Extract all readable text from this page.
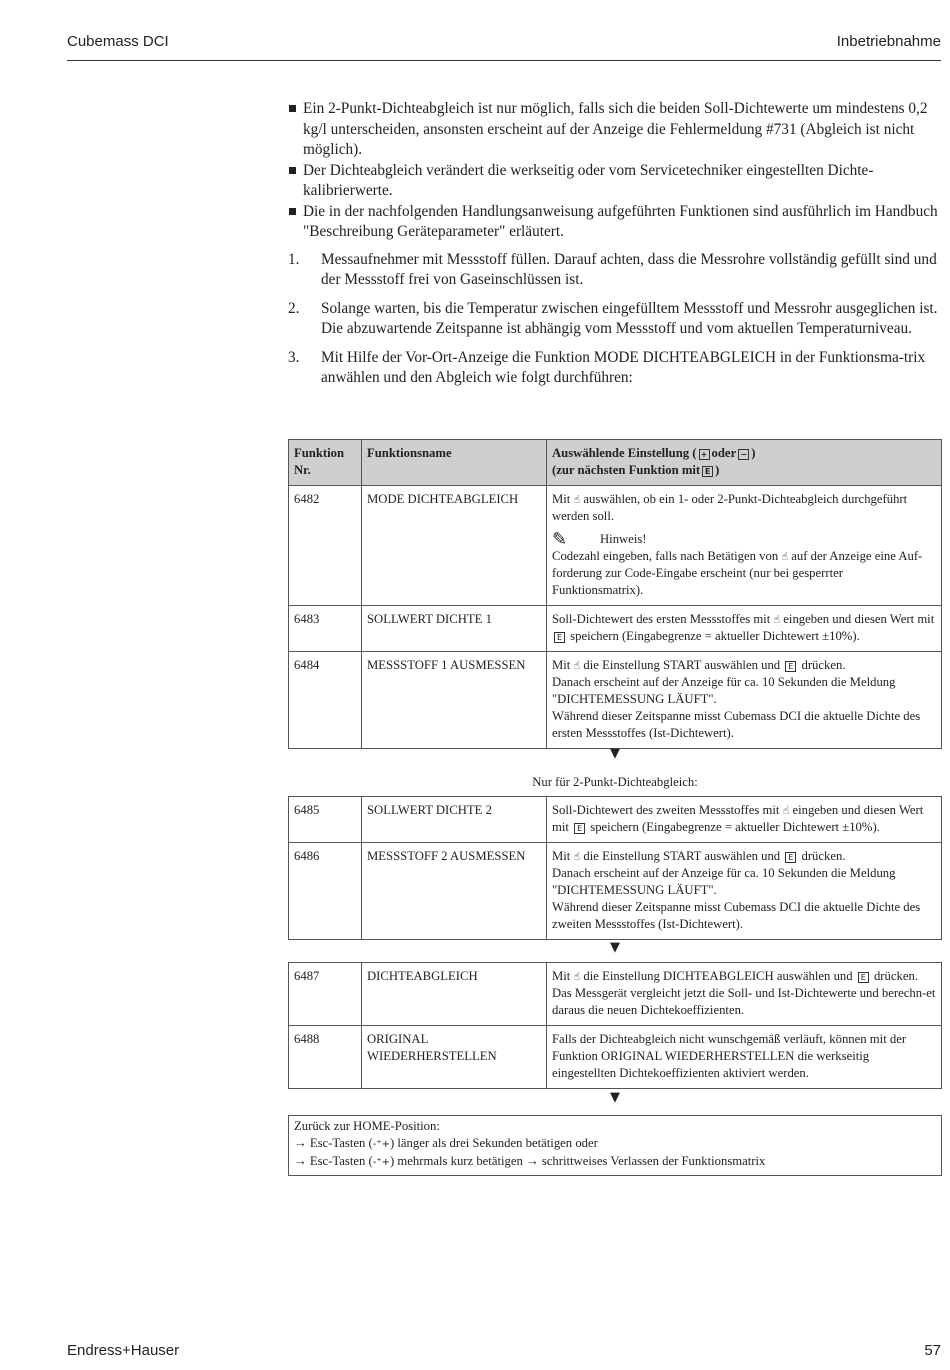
Cubemass DCI	Inbetriebnahme
Ein 2-Punkt-Dichteabgleich ist nur möglich, falls sich die beiden Soll-Dichtewerte um mindestens 0,2 kg/l unterscheiden, ansonsten erscheint auf der Anzeige die Fehlermeldung #731 (Abgleich ist nicht möglich).
Der Dichteabgleich verändert die werkseitig oder vom Servicetechniker eingestellten Dichte-kalibrierwerte.
Die in der nachfolgenden Handlungsanweisung aufgeführten Funktionen sind ausführlich im Handbuch "Beschreibung Geräteparameter" erläutert.
1.	Messaufnehmer mit Messstoff füllen. Darauf achten, dass die Messrohre vollständig gefüllt sind und der Messstoff frei von Gaseinschlüssen ist.
2.	Solange warten, bis die Temperatur zwischen eingefülltem Messstoff und Messrohr ausgeglichen ist. Die abzuwartende Zeitspanne ist abhängig vom Messstoff und vom aktuellen Temperaturniveau.
3.	Mit Hilfe der Vor-Ort-Anzeige die Funktion MODE DICHTEABGLEICH in der Funktionsma-trix anwählen und den Abgleich wie folgt durchführen:
Funktion Nr.	Funktionsname	Auswählende Einstellung ( + oder − )
(zur nächsten Funktion mit E )
6482	MODE DICHTEABGLEICH	Mit ☝ auswählen, ob ein 1- oder 2-Punkt-Dichteabgleich durchgeführt werden soll.
✎ Hinweis!
Codezahl eingeben, falls nach Betätigen von ☝ auf der Anzeige eine Auf-forderung zur Code-Eingabe erscheint (nur bei gesperrter Funktionsmatrix).
6483	SOLLWERT DICHTE 1	Soll-Dichtewert des ersten Messstoffes mit ☝ eingeben und diesen Wert mit E speichern (Eingabegrenze = aktueller Dichtewert ±10%).
6484	MESSSTOFF 1 AUSMESSEN	Mit ☝ die Einstellung START auswählen und E drücken.
Danach erscheint auf der Anzeige für ca. 10 Sekunden die Meldung "DICHTEMESSUNG LÄUFT".
Während dieser Zeitspanne misst Cubemass DCI die aktuelle Dichte des ersten Messstoffes (Ist-Dichtewert).
▼
Nur für 2-Punkt-Dichteabgleich:
6485	SOLLWERT DICHTE 2	Soll-Dichtewert des zweiten Messstoffes mit ☝ eingeben und diesen Wert mit E speichern (Eingabegrenze = aktueller Dichtewert ±10%).
6486	MESSSTOFF 2 AUSMESSEN	Mit ☝ die Einstellung START auswählen und E drücken.
Danach erscheint auf der Anzeige für ca. 10 Sekunden die Meldung "DICHTEMESSUNG LÄUFT".
Während dieser Zeitspanne misst Cubemass DCI die aktuelle Dichte des zweiten Messstoffes (Ist-Dichtewert).
▼
6487	DICHTEABGLEICH	Mit ☝ die Einstellung DICHTEABGLEICH auswählen und E drücken.
Das Messgerät vergleicht jetzt die Soll- und Ist-Dichtewerte und berechn-et daraus die neuen Dichtekoeffizienten.
6488	ORIGINAL WIEDERHERSTELLEN	Falls der Dichteabgleich nicht wunschgemäß verläuft, können mit der Funktion ORIGINAL WIEDERHERSTELLEN die werkseitig eingestellten Dichtekoeffizienten aktiviert werden.
▼
Zurück zur HOME-Position:
→ Esc-Tasten (-⁺+) länger als drei Sekunden betätigen oder
→ Esc-Tasten (-⁺+) mehrmals kurz betätigen → schrittweises Verlassen der Funktionsmatrix
Endress+Hauser	57
